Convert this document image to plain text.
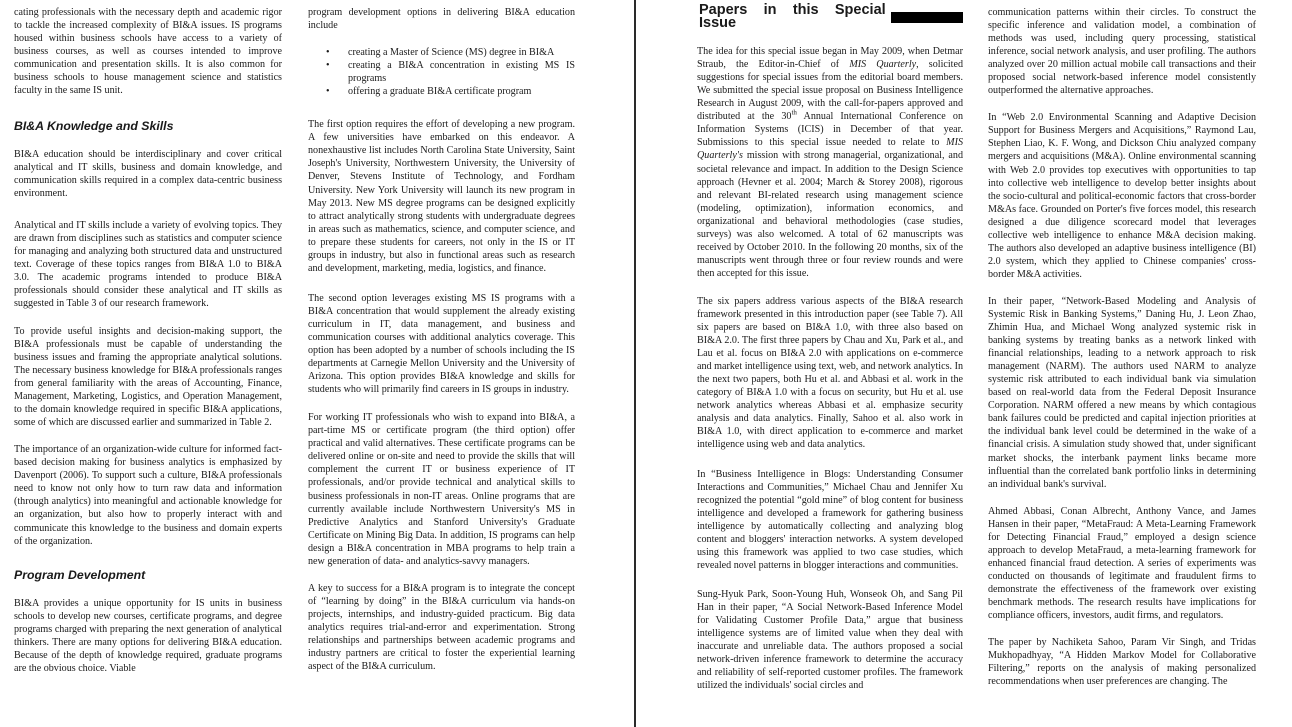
cating professionals with the necessary depth and academic rigor to tackle the increased complexity of BI&A issues. IS programs housed within business schools have access to a variety of business courses, as well as courses intended to improve communication and presentation skills. It is also common for business schools to house management science and statistics faculty in the same IS unit.

BI&A Knowledge and Skills

BI&A education should be interdisciplinary and cover critical analytical and IT skills, business and domain knowledge, and communication skills required in a complex data-centric business environment.

Analytical and IT skills include a variety of evolving topics. They are drawn from disciplines such as statistics and computer science for managing and analyzing both structured data and unstructured text. Coverage of these topics ranges from BI&A 1.0 to BI&A 3.0. The academic programs intended to produce BI&A professionals should consider these analytical and IT skills as suggested in Table 3 of our research framework.

To provide useful insights and decision-making support, the BI&A professionals must be capable of understanding the business issues and framing the appropriate analytical solutions. The necessary business knowledge for BI&A professionals ranges from general familiarity with the areas of Accounting, Finance, Management, Marketing, Logistics, and Operation Management, to the domain knowledge required in specific BI&A applications, some of which are discussed earlier and summarized in Table 2.

The importance of an organization-wide culture for informed fact-based decision making for business analytics is emphasized by Davenport (2006). To support such a culture, BI&A professionals need to know not only how to turn raw data and information (through analytics) into meaningful and actionable knowledge for an organization, but also how to properly interact with and communicate this knowledge to the business and domain experts of the organization.

Program Development

BI&A provides a unique opportunity for IS units in business schools to develop new courses, certificate programs, and degree programs charged with preparing the next generation of analytical thinkers. There are many options for delivering BI&A education. Because of the depth of knowledge required, graduate programs are the obvious choice. Viable

program development options in delivering BI&A education include

• creating a Master of Science (MS) degree in BI&A
• creating a BI&A concentration in existing MS IS programs
• offering a graduate BI&A certificate program

The first option requires the effort of developing a new program. A few universities have embarked on this endeavor. A nonexhaustive list includes North Carolina State University, Saint Joseph's University, Northwestern University, the University of Denver, Stevens Institute of Technology, and Fordham University. New York University will launch its new program in May 2013. New MS degree programs can be designed explicitly to attract analytically strong students with undergraduate degrees in areas such as mathematics, science, and computer science, and to prepare these students for careers, not only in the IS or IT groups in industry, but also in functional areas such as research and development, marketing, media, logistics, and finance.

The second option leverages existing MS IS programs with a BI&A concentration that would supplement the already existing curriculum in IT, data management, and business and communication courses with additional analytics coverage. This option has been adopted by a number of schools including the IS departments at Carnegie Mellon University and the University of Arizona. This option provides BI&A knowledge and skills for students who will primarily find careers in IS groups in industry.

For working IT professionals who wish to expand into BI&A, a part-time MS or certificate program (the third option) offer practical and valid alternatives. These certificate programs can be delivered online or on-site and need to provide the skills that will complement the current IT or business experience of IT professionals, and/or provide technical and analytical skills to business professionals in non-IT areas. Online programs that are currently available include Northwestern University's MS in Predictive Analytics and Stanford University's Graduate Certificate on Mining Big Data. In addition, IS programs can help design a BI&A concentration in MBA programs to help train a new generation of data- and analytics-savvy managers.

A key to success for a BI&A program is to integrate the concept of “learning by doing” in the BI&A curriculum via hands-on projects, internships, and industry-guided practicum. Big data analytics requires trial-and-error and experimentation. Strong relationships and partnerships between academic programs and industry partners are critical to foster the experiential learning aspect of the BI&A curriculum.

Papers in this Special Issue

The idea for this special issue began in May 2009, when Detmar Straub, the Editor-in-Chief of MIS Quarterly, solicited suggestions for special issues from the editorial board members. We submitted the special issue proposal on Business Intelligence Research in August 2009, with the call-for-papers approved and distributed at the 30th Annual International Conference on Information Systems (ICIS) in December of that year. Submissions to this special issue needed to relate to MIS Quarterly's mission with strong managerial, organizational, and societal relevance and impact. In addition to the Design Science approach (Hevner et al. 2004; March & Storey 2008), rigorous and relevant BI-related research using management science (modeling, optimization), information economics, and organizational and behavioral methodologies (case studies, surveys) was also welcomed. A total of 62 manuscripts was received by October 2010. In the following 20 months, six of the manuscripts went through three or four review rounds and were then accepted for this issue.

The six papers address various aspects of the BI&A research framework presented in this introduction paper (see Table 7). All six papers are based on BI&A 1.0, with three also based on BI&A 2.0. The first three papers by Chau and Xu, Park et al., and Lau et al. focus on BI&A 2.0 with applications on e-commerce and market intelligence using text, web, and network analytics. In the next two papers, both Hu et al. and Abbasi et al. work in the category of BI&A 1.0 with a focus on security, but Hu et al. use network analytics whereas Abbasi et al. emphasize security analysis and data analytics. Finally, Sahoo et al. also work in BI&A 1.0, with direct application to e-commerce and market intelligence using web and data analytics.

In “Business Intelligence in Blogs: Understanding Consumer Interactions and Communities,” Michael Chau and Jennifer Xu recognized the potential “gold mine” of blog content for business intelligence and developed a framework for gathering business intelligence by automatically collecting and analyzing blog content and bloggers' interaction networks. A system developed using this framework was applied to two case studies, which revealed novel patterns in blogger interactions and communities.

Sung-Hyuk Park, Soon-Young Huh, Wonseok Oh, and Sang Pil Han in their paper, “A Social Network-Based Inference Model for Validating Customer Profile Data,” argue that business intelligence systems are of limited value when they deal with inaccurate and unreliable data. The authors proposed a social network-driven inference framework to determine the accuracy and reliability of self-reported customer profiles. The framework utilized the individuals' social circles and

communication patterns within their circles. To construct the specific inference and validation model, a combination of methods was used, including query processing, statistical inference, social network analysis, and user profiling. The authors analyzed over 20 million actual mobile call transactions and their proposed social network-based inference model consistently outperformed the alternative approaches.

In “Web 2.0 Environmental Scanning and Adaptive Decision Support for Business Mergers and Acquisitions,” Raymond Lau, Stephen Liao, K. F. Wong, and Dickson Chiu analyzed company mergers and acquisitions (M&A). Online environmental scanning with Web 2.0 provides top executives with opportunities to tap into collective web intelligence to develop better insights about the socio-cultural and political-economic factors that cross-border M&As face. Grounded on Porter's five forces model, this research designed a due diligence scorecard model that leverages collective web intelligence to enhance M&A decision making. The authors also developed an adaptive business intelligence (BI) 2.0 system, which they applied to Chinese companies' cross-border M&A activities.

In their paper, “Network-Based Modeling and Analysis of Systemic Risk in Banking Systems,” Daning Hu, J. Leon Zhao, Zhimin Hua, and Michael Wong analyzed systemic risk in banking systems by treating banks as a network linked with financial relationships, leading to a network approach to risk management (NARM). The authors used NARM to analyze systemic risk attributed to each individual bank via simulation based on real-world data from the Federal Deposit Insurance Corporation. NARM offered a new means by which contagious bank failures could be predicted and capital injection priorities at the individual bank level could be determined in the wake of a financial crisis. A simulation study showed that, under significant market shocks, the interbank payment links became more influential than the correlated bank portfolio links in determining an individual bank's survival.

Ahmed Abbasi, Conan Albrecht, Anthony Vance, and James Hansen in their paper, “MetaFraud: A Meta-Learning Framework for Detecting Financial Fraud,” employed a design science approach to develop MetaFraud, a meta-learning framework for enhanced financial fraud detection. A series of experiments was conducted on thousands of legitimate and fraudulent firms to demonstrate the effectiveness of the framework over existing benchmark methods. The research results have implications for compliance officers, investors, audit firms, and regulators.

The paper by Nachiketa Sahoo, Param Vir Singh, and Tridas Mukhopadhyay, “A Hidden Markov Model for Collaborative Filtering,” reports on the analysis of making personalized recommendations when user preferences are changing. The
